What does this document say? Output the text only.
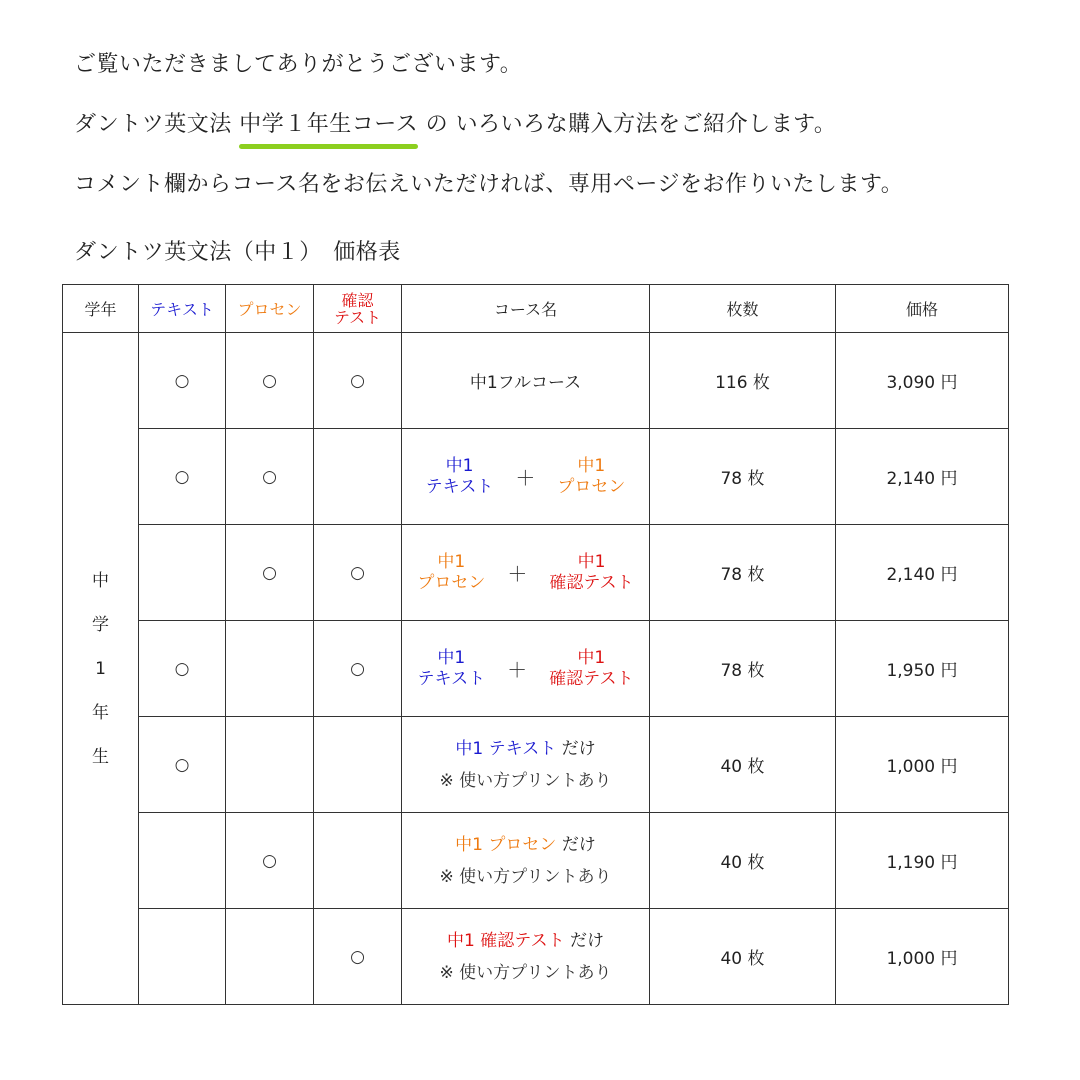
ご覧いただきましてありがとうございます。
ダントツ英文法 中学１年生コース
の いろいろな購入方法をご紹介します。
コメント欄からコース名をお伝えいただければ、専用ページをお作りいたします。
ダントツ英文法（中１）　価格表
学年	テキスト	プロセン	確認
テスト	コース名	枚数	価格

中
学
1
年
生	○	○	○	中1フルコース	116 枚	3,090 円
	○	○		中1
テキスト ＋
中1
プロセン	78 枚	2,140 円
		○	○	中1
プロセン ＋
中1
確認テスト	78 枚	2,140 円
	○		○	中1
テキスト ＋
中1
確認テスト	78 枚	1,950 円
	○			中1 テキスト だけ
※ 使い方プリントあり	40 枚	1,000 円
		○		中1 プロセン だけ
※ 使い方プリントあり	40 枚	1,190 円
			○	中1 確認テスト だけ
※ 使い方プリントあり	40 枚	1,000 円
